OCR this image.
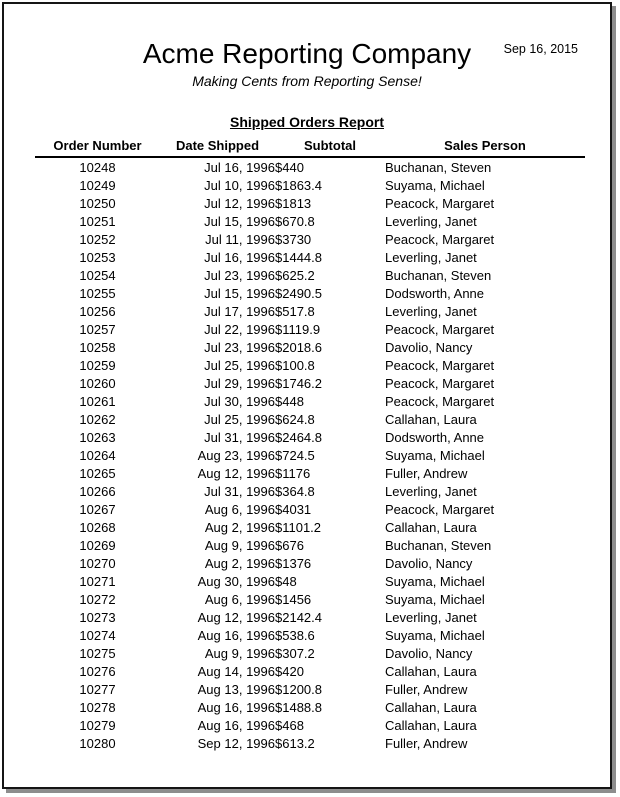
Sep 16, 2015
Acme Reporting Company
Making Cents from Reporting Sense!
Shipped Orders Report
Order Number	Date Shipped	Subtotal	Sales Person
10248	Jul 16, 1996	$440	Buchanan, Steven
10249	Jul 10, 1996	$1863.4	Suyama, Michael
10250	Jul 12, 1996	$1813	Peacock, Margaret
10251	Jul 15, 1996	$670.8	Leverling, Janet
10252	Jul 11, 1996	$3730	Peacock, Margaret
10253	Jul 16, 1996	$1444.8	Leverling, Janet
10254	Jul 23, 1996	$625.2	Buchanan, Steven
10255	Jul 15, 1996	$2490.5	Dodsworth, Anne
10256	Jul 17, 1996	$517.8	Leverling, Janet
10257	Jul 22, 1996	$1119.9	Peacock, Margaret
10258	Jul 23, 1996	$2018.6	Davolio, Nancy
10259	Jul 25, 1996	$100.8	Peacock, Margaret
10260	Jul 29, 1996	$1746.2	Peacock, Margaret
10261	Jul 30, 1996	$448	Peacock, Margaret
10262	Jul 25, 1996	$624.8	Callahan, Laura
10263	Jul 31, 1996	$2464.8	Dodsworth, Anne
10264	Aug 23, 1996	$724.5	Suyama, Michael
10265	Aug 12, 1996	$1176	Fuller, Andrew
10266	Jul 31, 1996	$364.8	Leverling, Janet
10267	Aug 6, 1996	$4031	Peacock, Margaret
10268	Aug 2, 1996	$1101.2	Callahan, Laura
10269	Aug 9, 1996	$676	Buchanan, Steven
10270	Aug 2, 1996	$1376	Davolio, Nancy
10271	Aug 30, 1996	$48	Suyama, Michael
10272	Aug 6, 1996	$1456	Suyama, Michael
10273	Aug 12, 1996	$2142.4	Leverling, Janet
10274	Aug 16, 1996	$538.6	Suyama, Michael
10275	Aug 9, 1996	$307.2	Davolio, Nancy
10276	Aug 14, 1996	$420	Callahan, Laura
10277	Aug 13, 1996	$1200.8	Fuller, Andrew
10278	Aug 16, 1996	$1488.8	Callahan, Laura
10279	Aug 16, 1996	$468	Callahan, Laura
10280	Sep 12, 1996	$613.2	Fuller, Andrew
